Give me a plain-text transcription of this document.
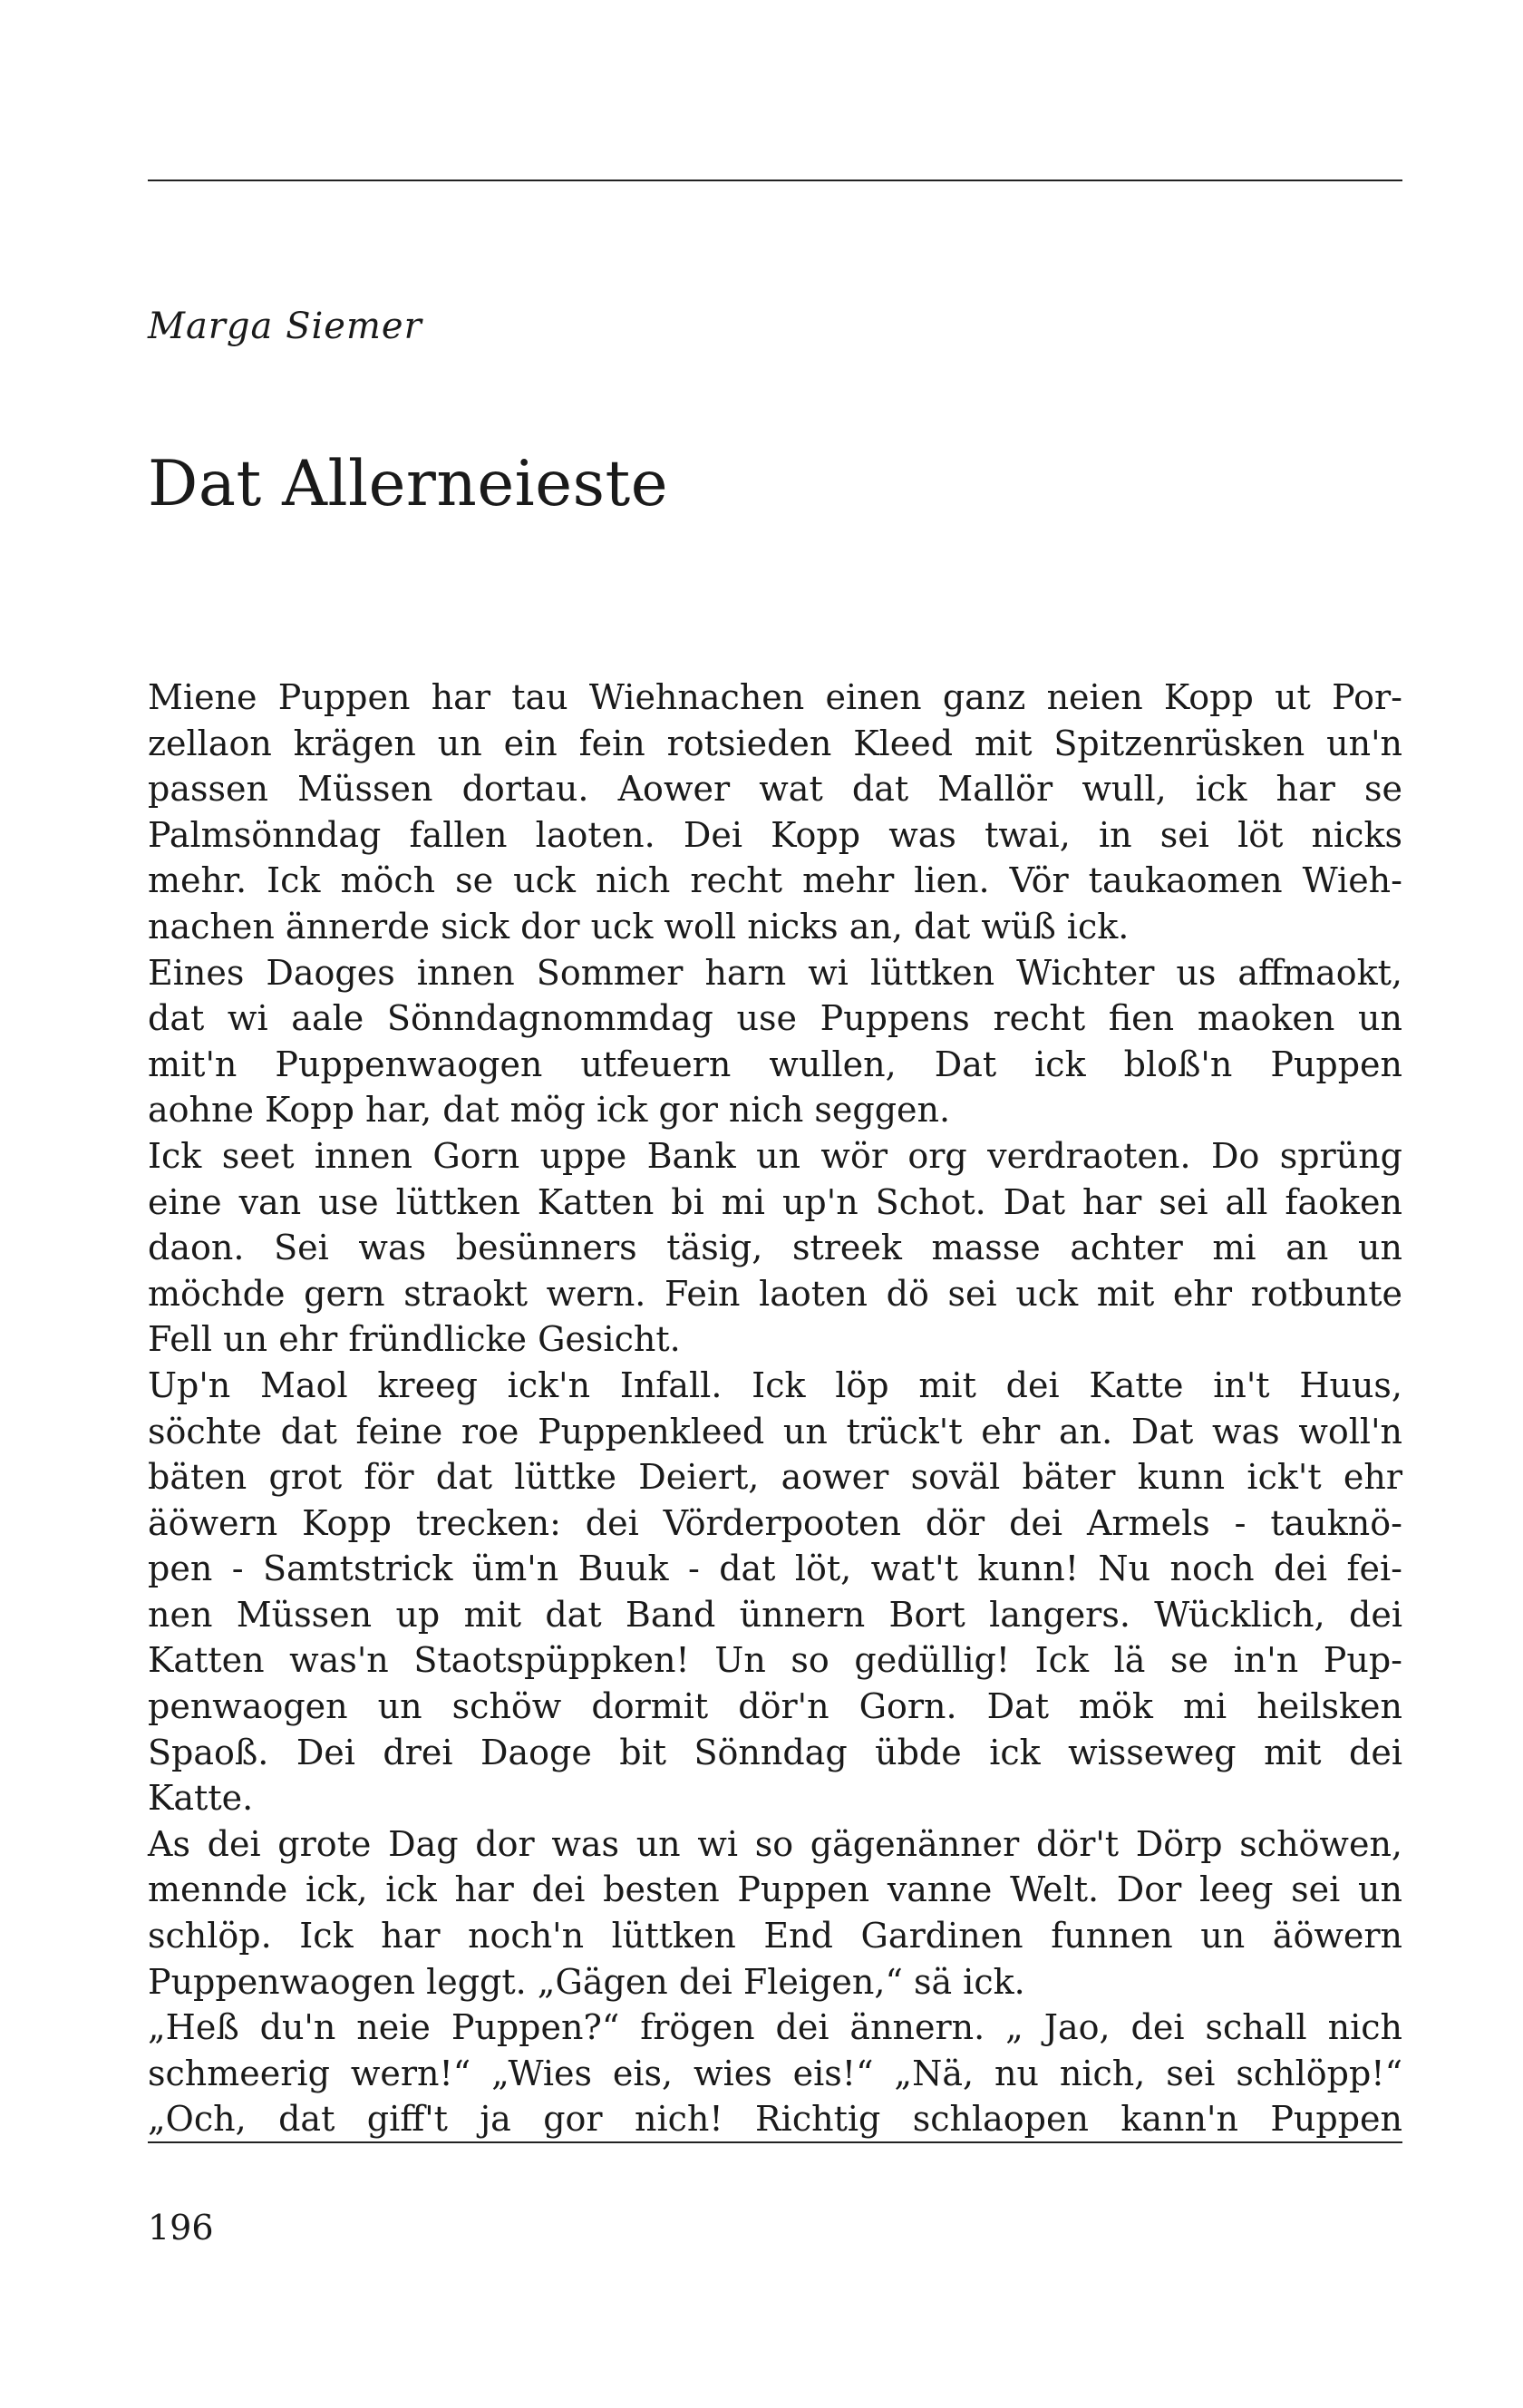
Marga Siemer
Dat Allerneieste
Miene Puppen har tau Wiehnachen einen ganz neien Kopp ut Por-
zellaon krägen un ein fein rotsieden Kleed mit Spitzenrüsken un'n
passen Müssen dortau. Aower wat dat Mallör wull, ick har se
Palmsönndag fallen laoten. Dei Kopp was twai, in sei löt nicks
mehr. Ick möch se uck nich recht mehr lien. Vör taukaomen Wieh-
nachen ännerde sick dor uck woll nicks an, dat wüß ick.
Eines Daoges innen Sommer harn wi lüttken Wichter us affmaokt,
dat wi aale Sönndagnommdag use Puppens recht fien maoken un
mit'n Puppenwaogen utfeuern wullen, Dat ick bloß'n Puppen
aohne Kopp har, dat mög ick gor nich seggen.
Ick seet innen Gorn uppe Bank un wör org verdraoten. Do sprüng
eine van use lüttken Katten bi mi up'n Schot. Dat har sei all faoken
daon. Sei was besünners täsig, streek masse achter mi an un
möchde gern straokt wern. Fein laoten dö sei uck mit ehr rotbunte
Fell un ehr fründlicke Gesicht.
Up'n Maol kreeg ick'n Infall. Ick löp mit dei Katte in't Huus,
söchte dat feine roe Puppenkleed un trück't ehr an. Dat was woll'n
bäten grot för dat lüttke Deiert, aower soväl bäter kunn ick't ehr
äöwern Kopp trecken: dei Vörderpooten dör dei Armels - tauknö-
pen - Samtstrick üm'n Buuk - dat löt, wat't kunn! Nu noch dei fei-
nen Müssen up mit dat Band ünnern Bort langers. Wücklich, dei
Katten was'n Staotspüppken! Un so gedüllig! Ick lä se in'n Pup-
penwaogen un schöw dormit dör'n Gorn. Dat mök mi heilsken
Spaoß. Dei drei Daoge bit Sönndag übde ick wisseweg mit dei
Katte.
As dei grote Dag dor was un wi so gägenänner dör't Dörp schöwen,
mennde ick, ick har dei besten Puppen vanne Welt. Dor leeg sei un
schlöp. Ick har noch'n lüttken End Gardinen funnen un äöwern
Puppenwaogen leggt. „Gägen dei Fleigen,“ sä ick.
„Heß du'n neie Puppen?“ frögen dei ännern. „ Jao, dei schall nich
schmeerig wern!“ „Wies eis, wies eis!“ „Nä, nu nich, sei schlöpp!“
„Och, dat giff't ja gor nich! Richtig schlaopen kann'n Puppen
196
